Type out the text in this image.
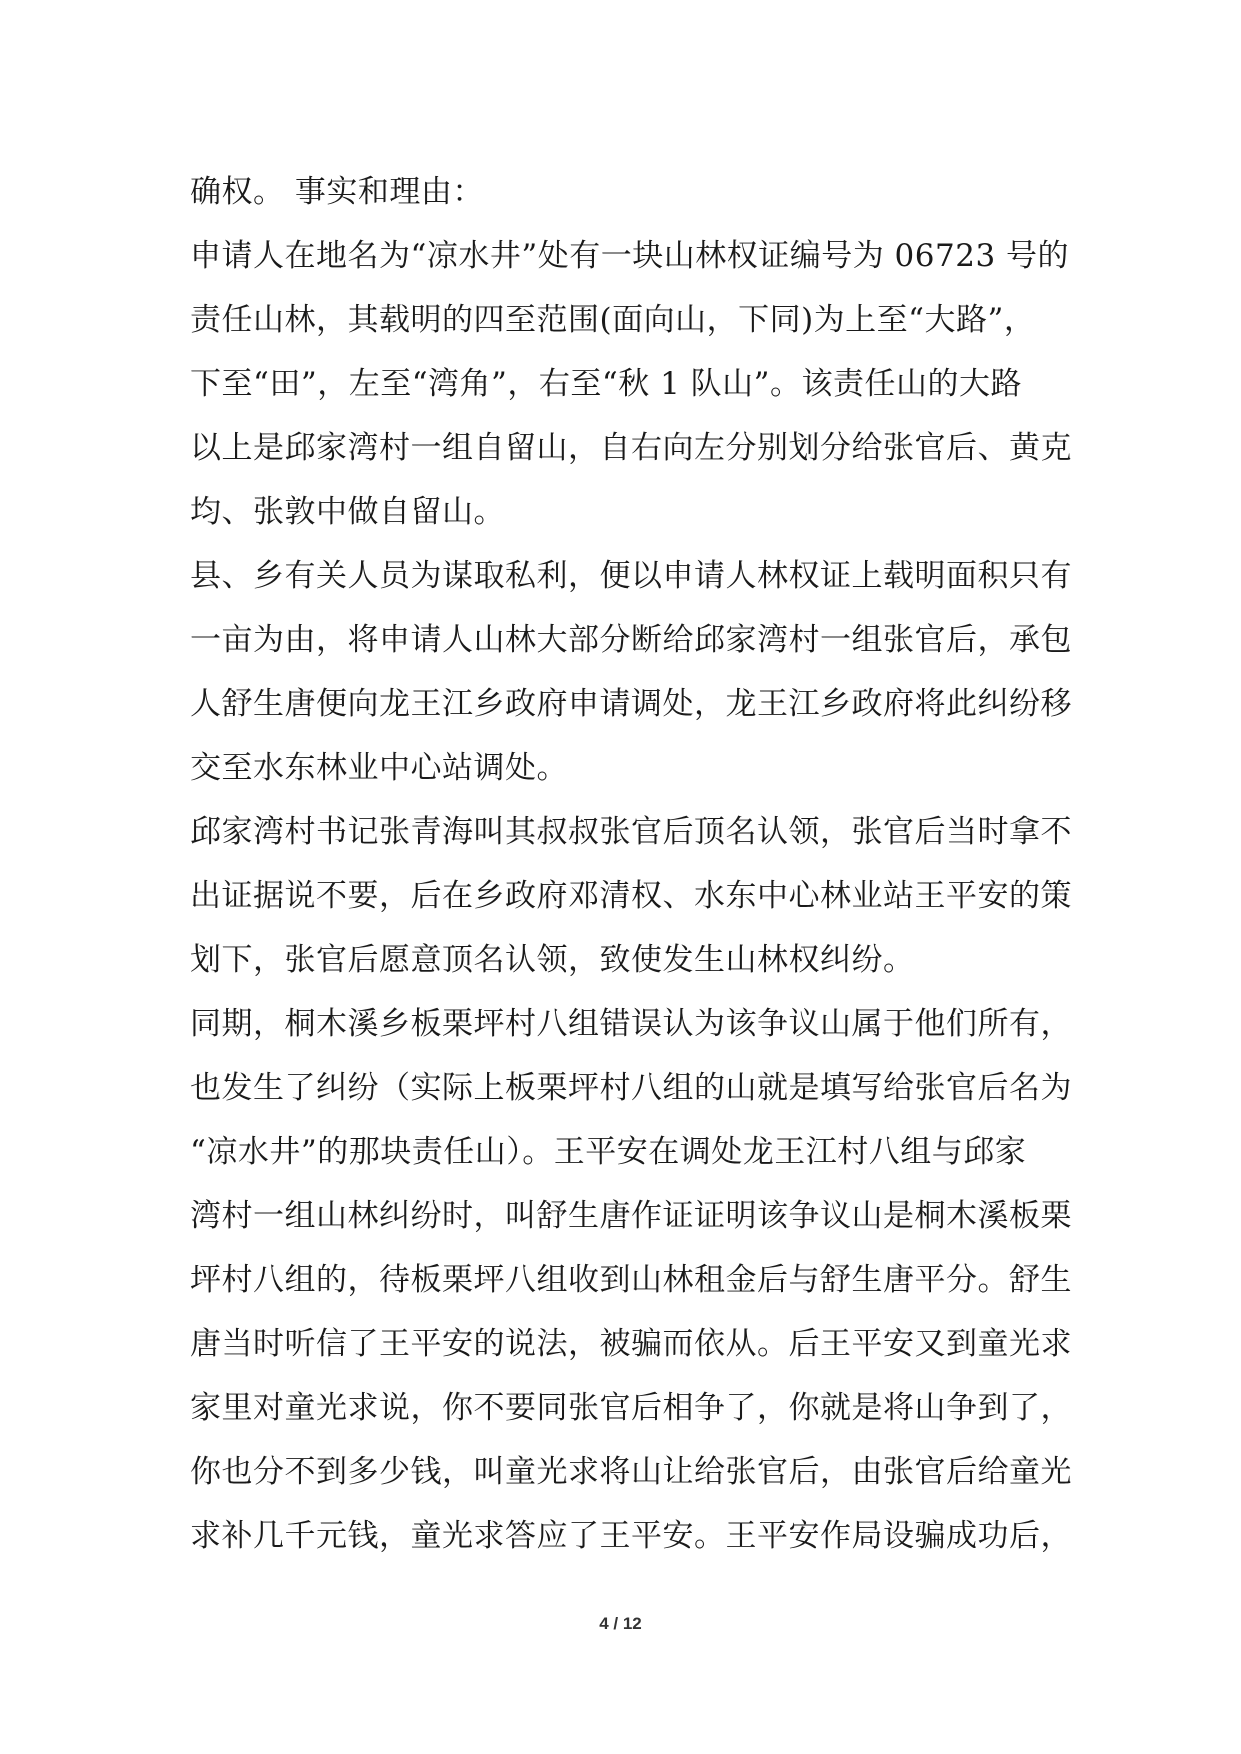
确权。 事实和理由：
申请人在地名为“凉水井”处有一块山林权证编号为 06723 号的
责任山林，其载明的四至范围(面向山，下同)为上至“大路”，
下至“田”，左至“湾角”，右至“秋 1 队山”。该责任山的大路
以上是邱家湾村一组自留山，自右向左分别划分给张官后、黄克
均、张敦中做自留山。
县、乡有关人员为谋取私利，便以申请人林权证上载明面积只有
一亩为由，将申请人山林大部分断给邱家湾村一组张官后，承包
人舒生唐便向龙王江乡政府申请调处，龙王江乡政府将此纠纷移
交至水东林业中心站调处。
邱家湾村书记张青海叫其叔叔张官后顶名认领，张官后当时拿不
出证据说不要，后在乡政府邓清权、水东中心林业站王平安的策
划下，张官后愿意顶名认领，致使发生山林权纠纷。
同期，桐木溪乡板栗坪村八组错误认为该争议山属于他们所有，
也发生了纠纷（实际上板栗坪村八组的山就是填写给张官后名为
“凉水井”的那块责任山）。王平安在调处龙王江村八组与邱家
湾村一组山林纠纷时，叫舒生唐作证证明该争议山是桐木溪板栗
坪村八组的，待板栗坪八组收到山林租金后与舒生唐平分。舒生
唐当时听信了王平安的说法，被骗而依从。后王平安又到童光求
家里对童光求说，你不要同张官后相争了，你就是将山争到了，
你也分不到多少钱，叫童光求将山让给张官后，由张官后给童光
求补几千元钱，童光求答应了王平安。王平安作局设骗成功后，
4 / 12
